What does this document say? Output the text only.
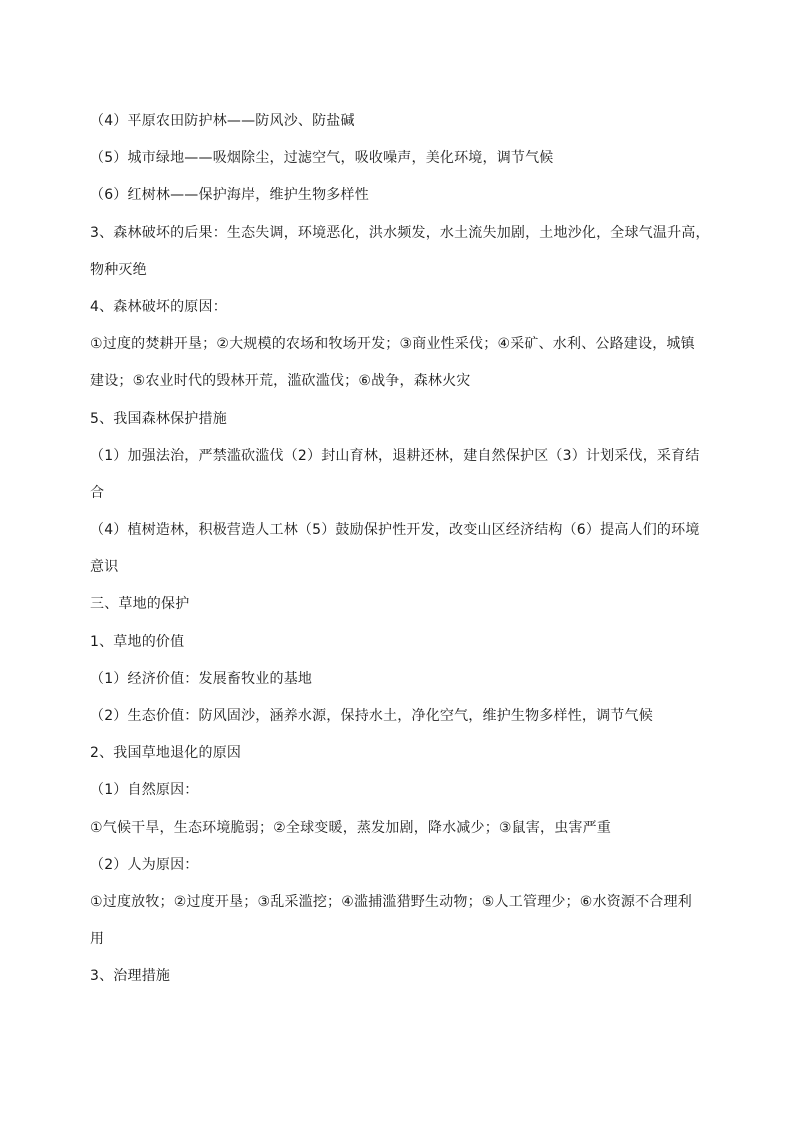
（4）平原农田防护林——防风沙、防盐碱
（5）城市绿地——吸烟除尘，过滤空气，吸收噪声，美化环境，调节气候
（6）红树林——保护海岸，维护生物多样性
3、森林破坏的后果：生态失调，环境恶化，洪水频发，水土流失加剧，土地沙化，全球气温升高，
物种灭绝
4、森林破坏的原因：
①过度的焚耕开垦；②大规模的农场和牧场开发；③商业性采伐；④采矿、水利、公路建设，城镇
建设；⑤农业时代的毁林开荒，滥砍滥伐；⑥战争，森林火灾
5、我国森林保护措施
（1）加强法治，严禁滥砍滥伐（2）封山育林，退耕还林，建自然保护区（3）计划采伐，采育结
合
（4）植树造林，积极营造人工林（5）鼓励保护性开发，改变山区经济结构（6）提高人们的环境
意识
三、草地的保护
1、草地的价值
（1）经济价值：发展畜牧业的基地
（2）生态价值：防风固沙，涵养水源，保持水土，净化空气，维护生物多样性，调节气候
2、我国草地退化的原因
（1）自然原因：
①气候干旱，生态环境脆弱；②全球变暖，蒸发加剧，降水减少；③鼠害，虫害严重
（2）人为原因：
①过度放牧；②过度开垦；③乱采滥挖；④滥捕滥猎野生动物；⑤人工管理少；⑥水资源不合理利
用
3、治理措施
